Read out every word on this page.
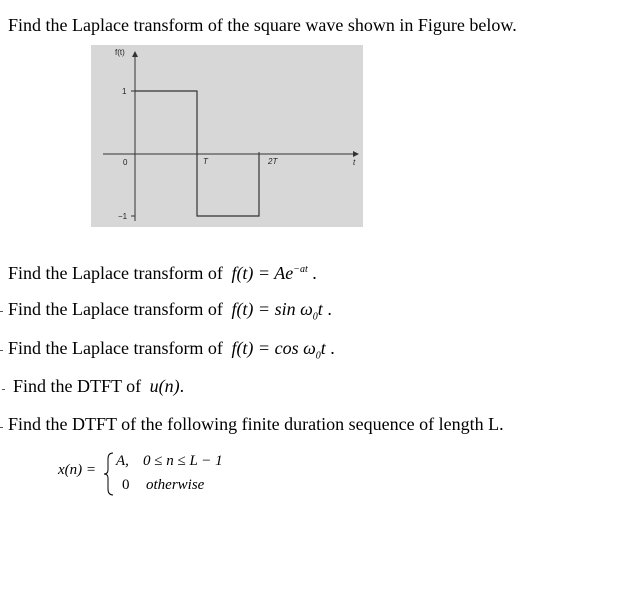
Find the Laplace transform of the square wave shown in Figure below.
f(t)
1
0
−1
T	2T	t
Find the Laplace transform of $f(t) = Ae^{-at}$ .
Find the Laplace transform of $f(t) = \sin \omega_0t$ .
Find the Laplace transform of $f(t) = \cos \omega_0t$ .
Find the DTFT of u(n).
Find the DTFT of the following finite duration sequence of length L.
x(n) =
A, 0 ≤ n ≤ L − 1
0 otherwise
